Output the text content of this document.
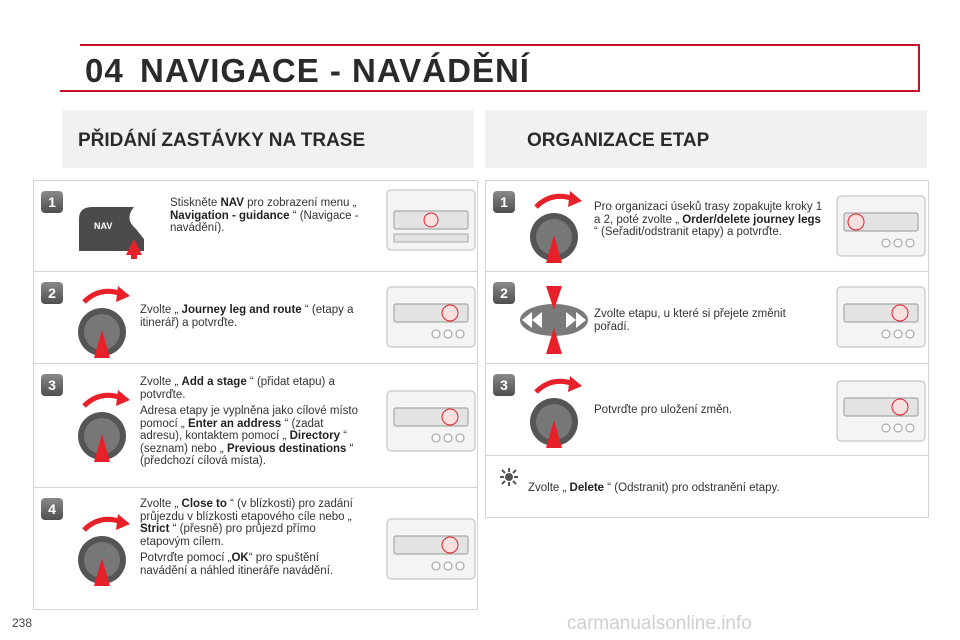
04 NAVIGACE - NAVÁDĚNÍ
PŘIDÁNÍ ZASTÁVKY NA TRASE
1
NAV
Stiskněte NAV pro zobrazení menu „ Navigation - guidance “ (Navigace - navádění).
2
Zvolte „ Journey leg and route “ (etapy a itinerář) a potvrďte.
3	Zvolte „ Add a stage “ (přidat etapu) a potvrďte.

Adresa etapy je vyplněna jako cílové místo pomocí „ Enter an address “ (zadat adresu), kontaktem pomocí „ Directory “ (seznam) nebo „ Previous destinations “ (předchozí cílová místa).

4	Zvolte „ Close to “ (v blízkosti) pro zadání průjezdu v blízkosti etapového cíle nebo „ Strict “ (přesně) pro průjezd přímo etapovým cílem.

Potvrďte pomocí „OK“ pro spuštění navádění a náhled itineráře navádění.

ORGANIZACE ETAP
1	Pro organizaci úseků trasy zopakujte kroky 1 a 2, poté zvolte „ Order/delete journey legs “ (Seřadit/odstranit etapy) a potvrďte.
2
Zvolte etapu, u které si přejete změnit pořadí.
3
Potvrďte pro uložení změn.
Zvolte „ Delete “ (Odstranit) pro odstranění etapy.
238	carmanualsonline.info
